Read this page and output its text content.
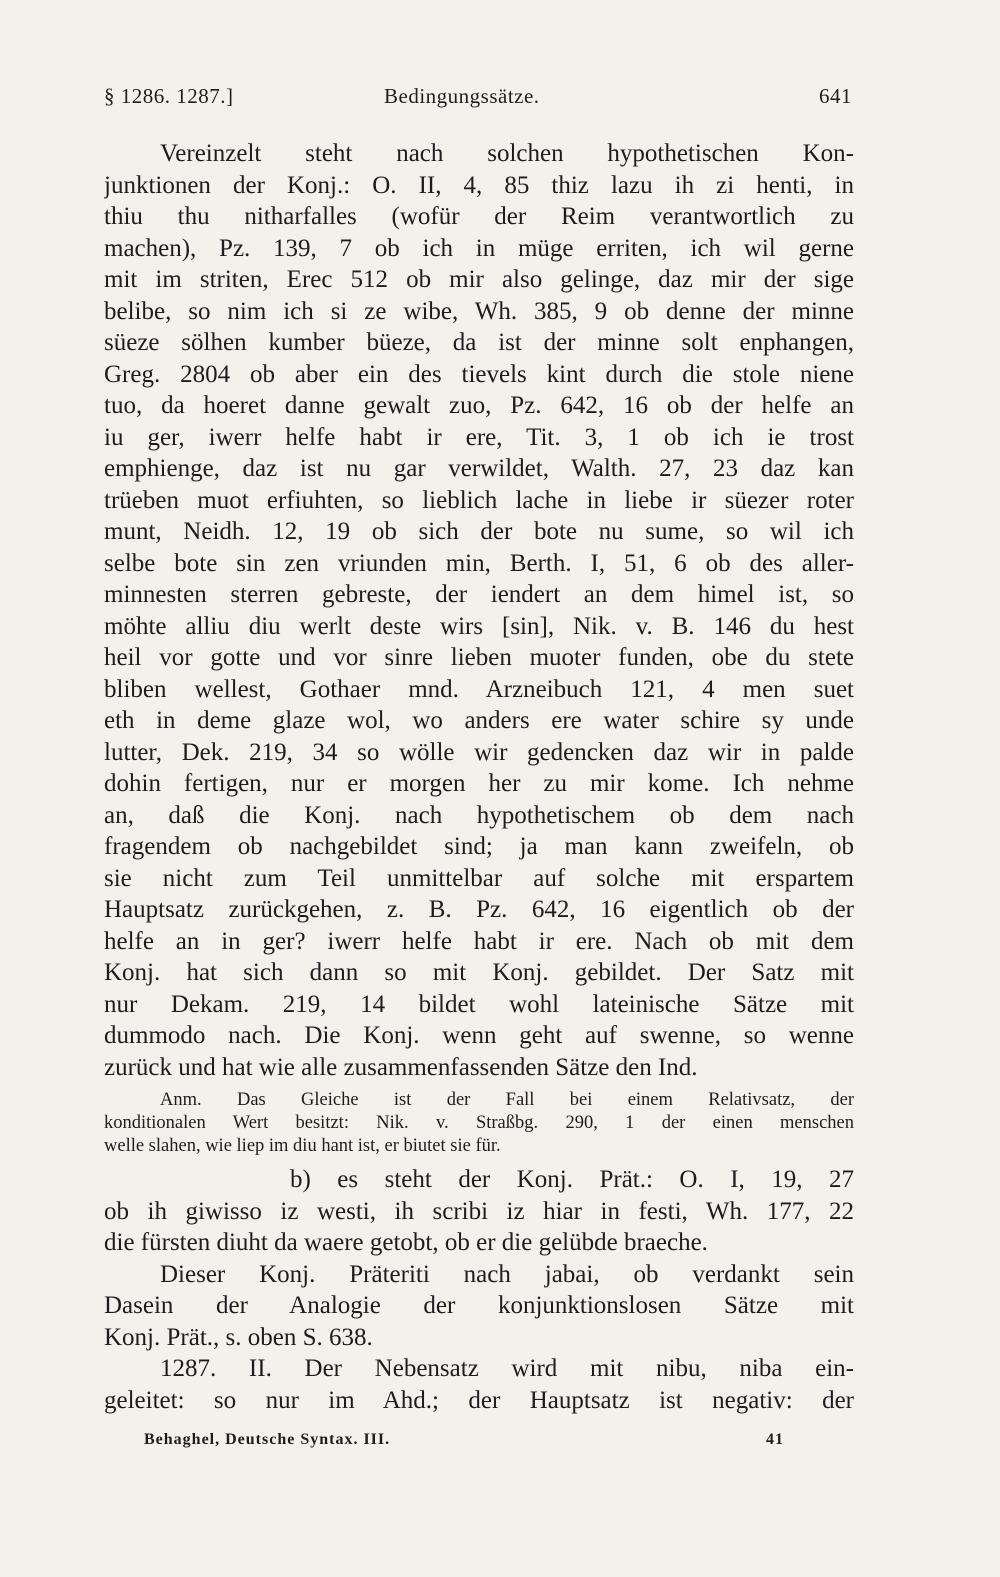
§ 1286. 1287.]	Bedingungssätze.	641
Vereinzelt steht nach solchen hypothetischen Kon-
junktionen der Konj.: O. II, 4, 85 thiz lazu ih zi henti, in
thiu thu nitharfalles (wofür der Reim verantwortlich zu
machen), Pz. 139, 7 ob ich in müge erriten, ich wil gerne
mit im striten, Erec 512 ob mir also gelinge, daz mir der sige
belibe, so nim ich si ze wibe, Wh. 385, 9 ob denne der minne
süeze sölhen kumber büeze, da ist der minne solt enphangen,
Greg. 2804 ob aber ein des tievels kint durch die stole niene
tuo, da hoeret danne gewalt zuo, Pz. 642, 16 ob der helfe an
iu ger, iwerr helfe habt ir ere, Tit. 3, 1 ob ich ie trost
emphienge, daz ist nu gar verwildet, Walth. 27, 23 daz kan
trüeben muot erfiuhten, so lieblich lache in liebe ir süezer roter
munt, Neidh. 12, 19 ob sich der bote nu sume, so wil ich
selbe bote sin zen vriunden min, Berth. I, 51, 6 ob des aller-
minnesten sterren gebreste, der iendert an dem himel ist, so
möhte alliu diu werlt deste wirs [sin], Nik. v. B. 146 du hest
heil vor gotte und vor sinre lieben muoter funden, obe du stete
bliben wellest, Gothaer mnd. Arzneibuch 121, 4 men suet
eth in deme glaze wol, wo anders ere water schire sy unde
lutter, Dek. 219, 34 so wölle wir gedencken daz wir in palde
dohin fertigen, nur er morgen her zu mir kome. Ich nehme
an, daß die Konj. nach hypothetischem ob dem nach
fragendem ob nachgebildet sind; ja man kann zweifeln, ob
sie nicht zum Teil unmittelbar auf solche mit erspartem
Hauptsatz zurückgehen, z. B. Pz. 642, 16 eigentlich ob der
helfe an in ger? iwerr helfe habt ir ere. Nach ob mit dem
Konj. hat sich dann so mit Konj. gebildet. Der Satz mit
nur Dekam. 219, 14 bildet wohl lateinische Sätze mit
dummodo nach. Die Konj. wenn geht auf swenne, so wenne
zurück und hat wie alle zusammenfassenden Sätze den Ind.
Anm. Das Gleiche ist der Fall bei einem Relativsatz, der
konditionalen Wert besitzt: Nik. v. Straßbg. 290, 1 der einen menschen
welle slahen, wie liep im diu hant ist, er biutet sie für.
b) es steht der Konj. Prät.: O. I, 19, 27
ob ih giwisso iz westi, ih scribi iz hiar in festi, Wh. 177, 22
die fürsten diuht da waere getobt, ob er die gelübde braeche.
Dieser Konj. Präteriti nach jabai, ob verdankt sein
Dasein der Analogie der konjunktionslosen Sätze mit
Konj. Prät., s. oben S. 638.
1287. II. Der Nebensatz wird mit nibu, niba ein-
geleitet: so nur im Ahd.; der Hauptsatz ist negativ: der
Behaghel, Deutsche Syntax. III.	41
